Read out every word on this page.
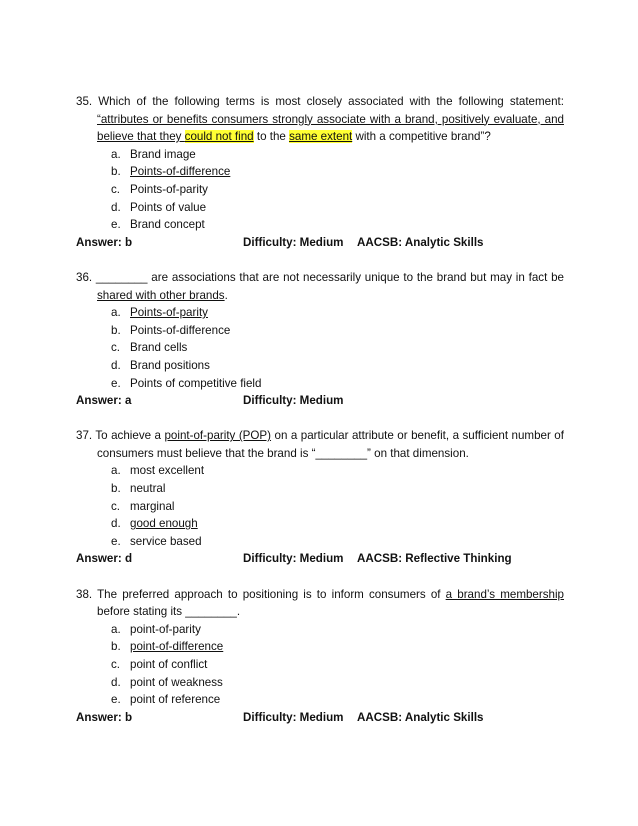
35. Which of the following terms is most closely associated with the following statement:
“attributes or benefits consumers strongly associate with a brand, positively evaluate, and
believe that they could not find to the same extent with a competitive brand”?
a. Brand image
b. Points-of-difference
c. Points-of-parity
d. Points of value
e. Brand concept
Answer: b	Difficulty: Medium AACSB: Analytic Skills
36. ________ are associations that are not necessarily unique to the brand but may in fact be
shared with other brands.
a. Points-of-parity
b. Points-of-difference
c. Brand cells
d. Brand positions
e. Points of competitive field
Answer: a	Difficulty: Medium
37. To achieve a point-of-parity (POP) on a particular attribute or benefit, a sufficient number of
consumers must believe that the brand is “________” on that dimension.
a. most excellent
b. neutral
c. marginal
d. good enough
e. service based
Answer: d	Difficulty: Medium AACSB: Reflective Thinking
38. The preferred approach to positioning is to inform consumers of a brand’s membership
before stating its ________.
a. point-of-parity
b. point-of-difference
c. point of conflict
d. point of weakness
e. point of reference
Answer: b	Difficulty: Medium AACSB: Analytic Skills
